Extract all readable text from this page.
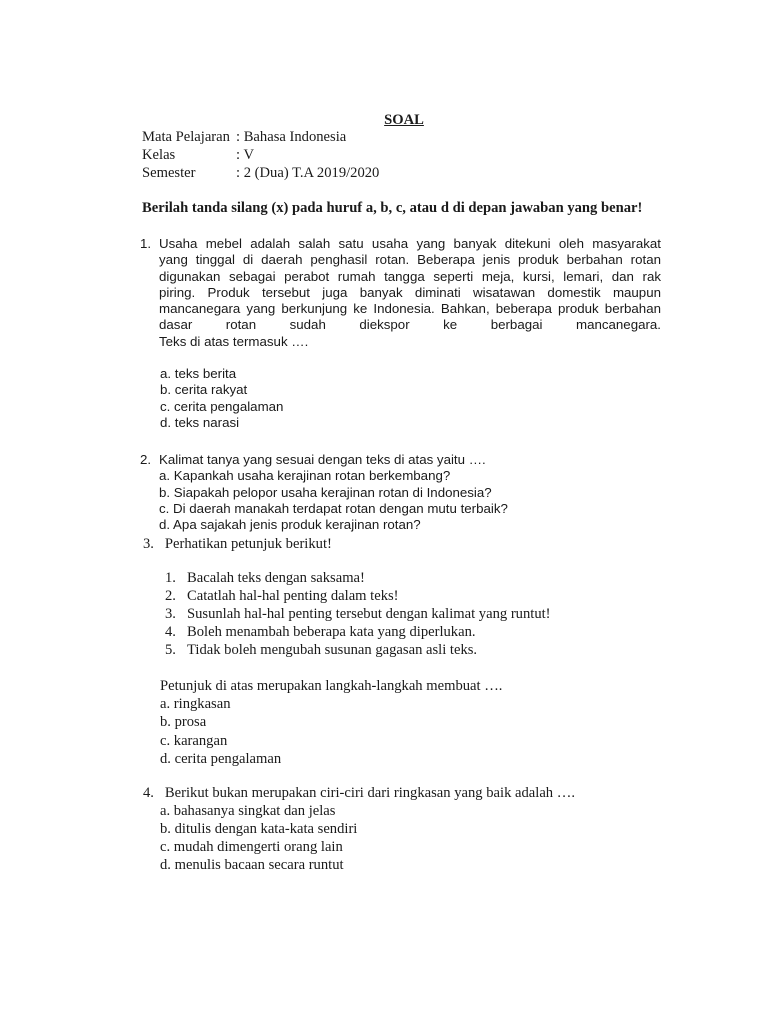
SOAL
Mata Pelajaran : Bahasa Indonesia
Kelas	: V
Semester	: 2 (Dua) T.A 2019/2020
Berilah tanda silang (x) pada huruf a, b, c, atau d di depan jawaban yang benar!
1. Usaha mebel adalah salah satu usaha yang banyak ditekuni oleh masyarakat
yang tinggal di daerah penghasil rotan. Beberapa jenis produk berbahan rotan
digunakan sebagai perabot rumah tangga seperti meja, kursi, lemari, dan rak
piring. Produk tersebut juga banyak diminati wisatawan domestik maupun
mancanegara yang berkunjung ke Indonesia. Bahkan, beberapa produk berbahan
dasar rotan sudah diekspor ke berbagai mancanegara.
Teks di atas termasuk ….
a. teks berita
b. cerita rakyat
c. cerita pengalaman
d. teks narasi
2. Kalimat tanya yang sesuai dengan teks di atas yaitu ….
a. Kapankah usaha kerajinan rotan berkembang?
b. Siapakah pelopor usaha kerajinan rotan di Indonesia?
c. Di daerah manakah terdapat rotan dengan mutu terbaik?
d. Apa sajakah jenis produk kerajinan rotan?
3.   Perhatikan petunjuk berikut!
1. Bacalah teks dengan saksama!
2. Catatlah hal-hal penting dalam teks!
3. Susunlah hal-hal penting tersebut dengan kalimat yang runtut!
4. Boleh menambah beberapa kata yang diperlukan.
5. Tidak boleh mengubah susunan gagasan asli teks.
Petunjuk di atas merupakan langkah-langkah membuat ….
a. ringkasan
b. prosa
c. karangan
d. cerita pengalaman
4.   Berikut bukan merupakan ciri-ciri dari ringkasan yang baik adalah ….
a. bahasanya singkat dan jelas
b. ditulis dengan kata-kata sendiri
c. mudah dimengerti orang lain
d. menulis bacaan secara runtut
